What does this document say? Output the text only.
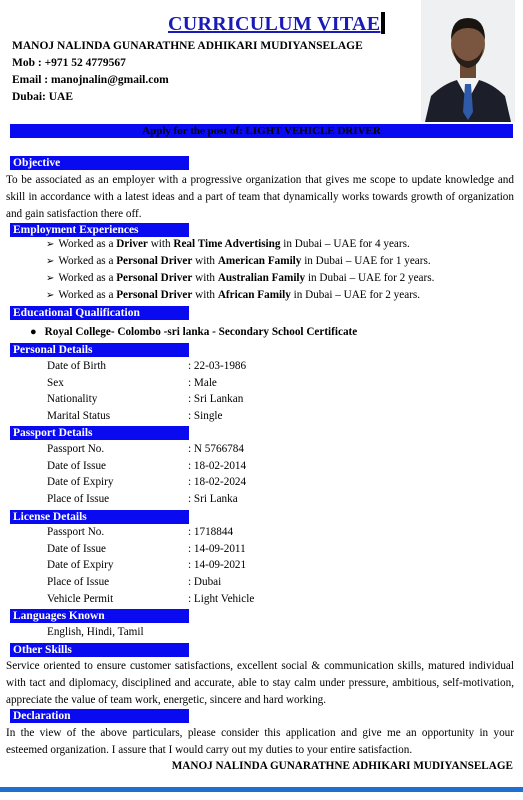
CURRICULUM VITAE
MANOJ NALINDA GUNARATHNE ADHIKARI MUDIYANSELAGE
Mob : +971 52 4779567
Email : manojnalin@gmail.com
Dubai: UAE
Apply for the post of: LIGHT VEHICLE DRIVER
Objective
To be associated as an employer with a progressive organization that gives me scope to update knowledge and skill in accordance with a latest ideas and a part of team that dynamically works towards growth of organization and gain satisfaction there off.
Employment Experiences
➢ Worked as a Driver with Real Time Advertising in Dubai – UAE for 4 years.
➢ Worked as a Personal Driver with American Family in Dubai – UAE for 1 years.
➢ Worked as a Personal Driver with Australian Family in Dubai – UAE for 2 years.
➢ Worked as a Personal Driver with African Family in Dubai – UAE for 2 years.
Educational Qualification
● Royal College- Colombo -sri lanka - Secondary School Certificate
Personal Details
Date of Birth	: 22-03-1986
Sex	: Male
Nationality	: Sri Lankan
Marital Status	: Single
Passport Details
Passport No.	: N 5766784
Date of Issue	: 18-02-2014
Date of Expiry	: 18-02-2024
Place of Issue	: Sri Lanka
License Details
Passport No.	: 1718844
Date of Issue	: 14-09-2011
Date of Expiry	: 14-09-2021
Place of Issue	: Dubai
Vehicle Permit	: Light Vehicle
Languages Known
English, Hindi, Tamil
Other Skills
Service oriented to ensure customer satisfactions, excellent social & communication skills, matured individual with tact and diplomacy, disciplined and accurate, able to stay calm under pressure, ambitious, self-motivation, appreciate the value of team work, energetic, sincere and hard working.
Declaration
In the view of the above particulars, please consider this application and give me an opportunity in your esteemed organization. I assure that I would carry out my duties to your entire satisfaction.
MANOJ NALINDA GUNARATHNE ADHIKARI MUDIYANSELAGE
